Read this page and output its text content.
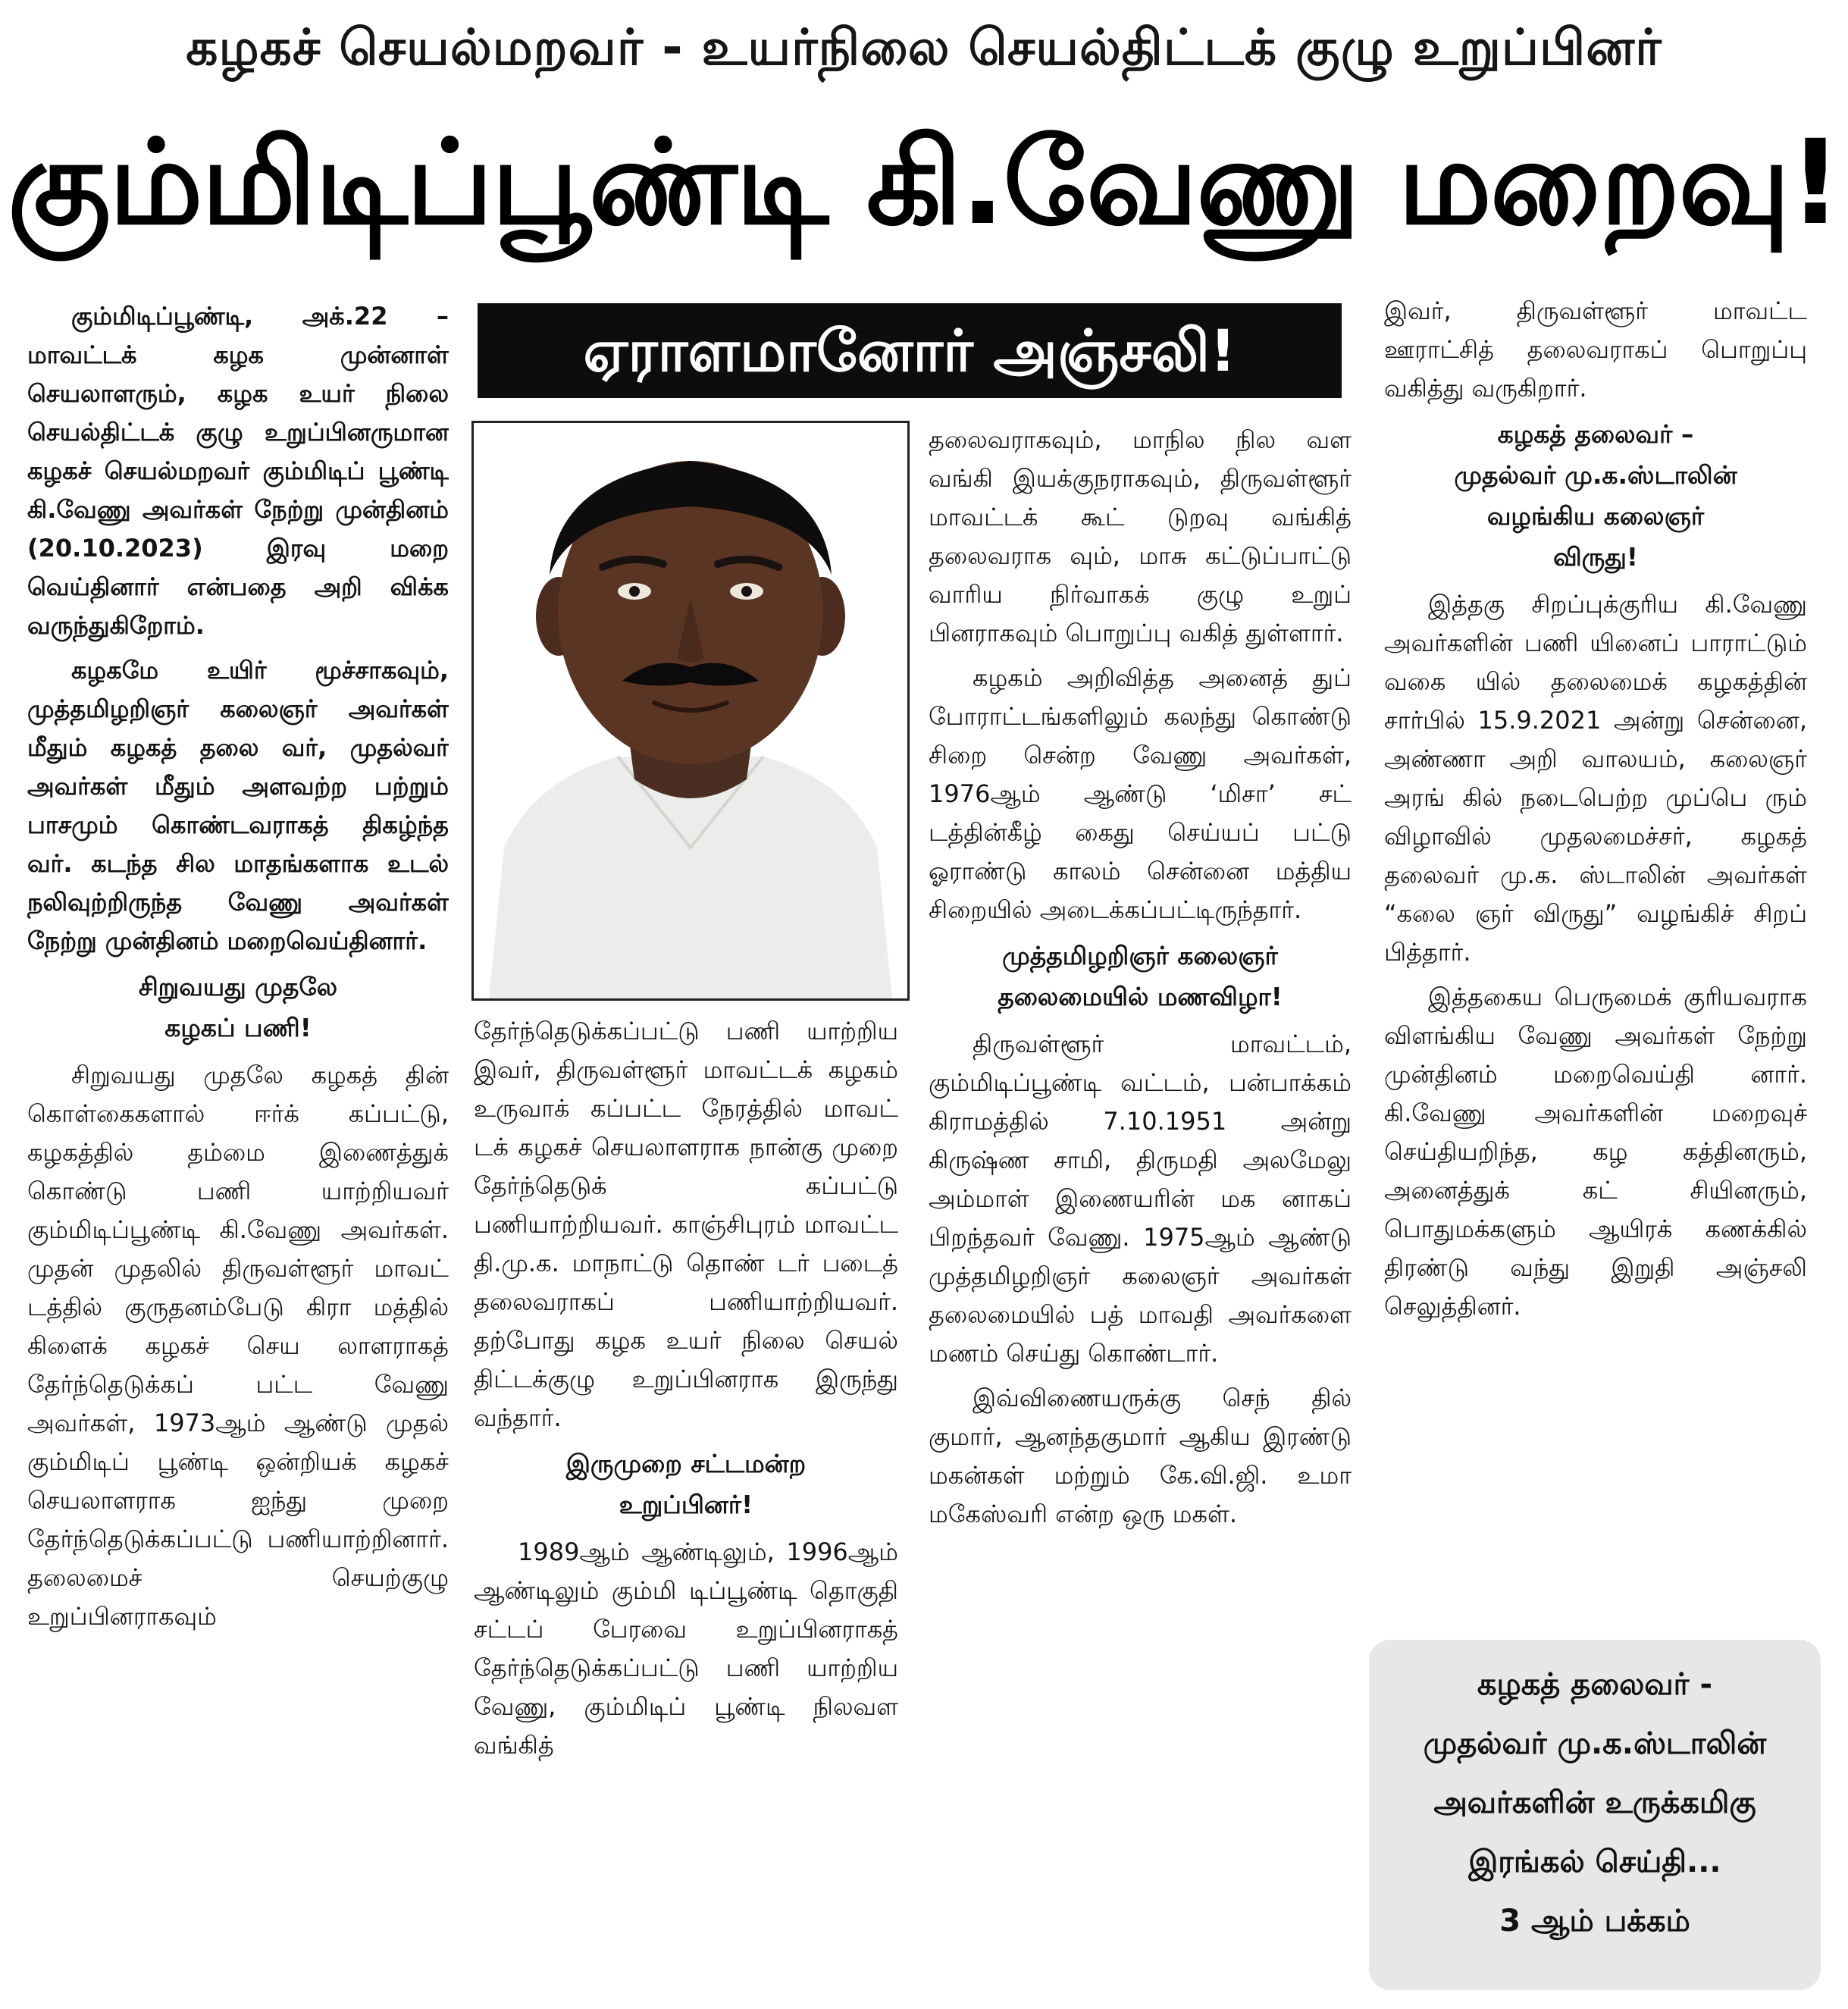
கழகச் செயல்மறவர் - உயர்நிலை செயல்திட்டக் குழு உறுப்பினர்
கும்மிடிப்பூண்டி கி.வேணு மறைவு!
ஏராளமானோர் அஞ்சலி!

கும்மிடிப்பூண்டி, அக்.22 – மாவட்டக் கழக முன்னாள் செயலாளரும், கழக உயர் நிலை செயல்திட்டக் குழு உறுப்பினருமான கழகச் செயல்மறவர் கும்மிடிப் பூண்டி கி.வேணு அவர்கள் நேற்று முன்தினம் (20.10.2023) இரவு மறை வெய்தினார் என்பதை அறி விக்க வருந்துகிறோம்.

கழகமே உயிர் மூச்சாகவும், முத்தமிழறிஞர் கலைஞர் அவர்கள் மீதும் கழகத் தலை வர், முதல்வர் அவர்கள் மீதும் அளவற்ற பற்றும் பாசமும் கொண்டவராகத் திகழ்ந்த வர். கடந்த சில மாதங்களாக உடல் நலிவுற்றிருந்த வேணு அவர்கள் நேற்று முன்தினம் மறைவெய்தினார்.

சிறுவயது முதலே
கழகப் பணி!

சிறுவயது முதலே கழகத் தின் கொள்கைகளால் ஈர்க் கப்பட்டு, கழகத்தில் தம்மை இணைத்துக் கொண்டு பணி யாற்றியவர் கும்மிடிப்பூண்டி கி.வேணு அவர்கள். முதன் முதலில் திருவள்ளூர் மாவட் டத்தில் குருதனம்பேடு கிரா மத்தில் கிளைக் கழகச் செய லாளராகத் தேர்ந்தெடுக்கப் பட்ட வேணு அவர்கள், 1973ஆம் ஆண்டு முதல் கும்மிடிப் பூண்டி ஒன்றியக் கழகச் செயலாளராக ஐந்து முறை தேர்ந்தெடுக்கப்பட்டு பணியாற்றினார். தலைமைச் செயற்குழு உறுப்பினராகவும்

தேர்ந்தெடுக்கப்பட்டு பணி யாற்றிய இவர், திருவள்ளூர் மாவட்டக் கழகம் உருவாக் கப்பட்ட நேரத்தில் மாவட் டக் கழகச் செயலாளராக நான்கு முறை தேர்ந்தெடுக் கப்பட்டு பணியாற்றியவர். காஞ்சிபுரம் மாவட்ட தி.மு.க. மாநாட்டு தொண் டர் படைத் தலைவராகப் பணியாற்றியவர். தற்போது கழக உயர் நிலை செயல் திட்டக்குழு உறுப்பினராக இருந்து வந்தார்.

இருமுறை சட்டமன்ற
உறுப்பினர்!

1989ஆம் ஆண்டிலும், 1996ஆம் ஆண்டிலும் கும்மி டிப்பூண்டி தொகுதி சட்டப் பேரவை உறுப்பினராகத் தேர்ந்தெடுக்கப்பட்டு பணி யாற்றிய வேணு, கும்மிடிப் பூண்டி நிலவள வங்கித்

தலைவராகவும், மாநில நில வள வங்கி இயக்குநராகவும், திருவள்ளூர் மாவட்டக் கூட் டுறவு வங்கித் தலைவராக வும், மாசு கட்டுப்பாட்டு வாரிய நிர்வாகக் குழு உறுப் பினராகவும் பொறுப்பு வகித் துள்ளார்.

கழகம் அறிவித்த அனைத் துப் போராட்டங்களிலும் கலந்து கொண்டு சிறை சென்ற வேணு அவர்கள், 1976ஆம் ஆண்டு ‘மிசா’ சட் டத்தின்கீழ் கைது செய்யப் பட்டு ஓராண்டு காலம் சென்னை மத்திய சிறையில் அடைக்கப்பட்டிருந்தார்.

முத்தமிழறிஞர் கலைஞர்
தலைமையில் மணவிழா!

திருவள்ளூர் மாவட்டம், கும்மிடிப்பூண்டி வட்டம், பன்பாக்கம் கிராமத்தில் 7.10.1951 அன்று கிருஷ்ண சாமி, திருமதி அலமேலு அம்மாள் இணையரின் மக னாகப் பிறந்தவர் வேணு. 1975ஆம் ஆண்டு முத்தமிழறிஞர் கலைஞர் அவர்கள் தலைமையில் பத் மாவதி அவர்களை மணம் செய்து கொண்டார்.

இவ்விணையருக்கு செந் தில் குமார், ஆனந்தகுமார் ஆகிய இரண்டு மகன்கள் மற்றும் கே.வி.ஜி. உமா மகேஸ்வரி என்ற ஒரு மகள்.

இவர், திருவள்ளூர் மாவட்ட ஊராட்சித் தலைவராகப் பொறுப்பு வகித்து வருகிறார்.

கழகத் தலைவர் –
முதல்வர் மு.க.ஸ்டாலின்
வழங்கிய கலைஞர்
விருது!

இத்தகு சிறப்புக்குரிய கி.வேணு அவர்களின் பணி யினைப் பாராட்டும் வகை யில் தலைமைக் கழகத்தின் சார்பில் 15.9.2021 அன்று சென்னை, அண்ணா அறி வாலயம், கலைஞர் அரங் கில் நடைபெற்ற முப்பெ ரும் விழாவில் முதலமைச்சர், கழகத் தலைவர் மு.க. ஸ்டாலின் அவர்கள் “கலை ஞர் விருது” வழங்கிச் சிறப் பித்தார்.

இத்தகைய பெருமைக் குரியவராக விளங்கிய வேணு அவர்கள் நேற்று முன்தினம் மறைவெய்தி னார். கி.வேணு அவர்களின் மறைவுச் செய்தியறிந்த, கழ கத்தினரும், அனைத்துக் கட் சியினரும், பொதுமக்களும் ஆயிரக் கணக்கில் திரண்டு வந்து இறுதி அஞ்சலி செலுத்தினர்.

கழகத் தலைவர் -
முதல்வர் மு.க.ஸ்டாலின்
அவர்களின் உருக்கமிகு
இரங்கல் செய்தி...
3 ஆம் பக்கம்
